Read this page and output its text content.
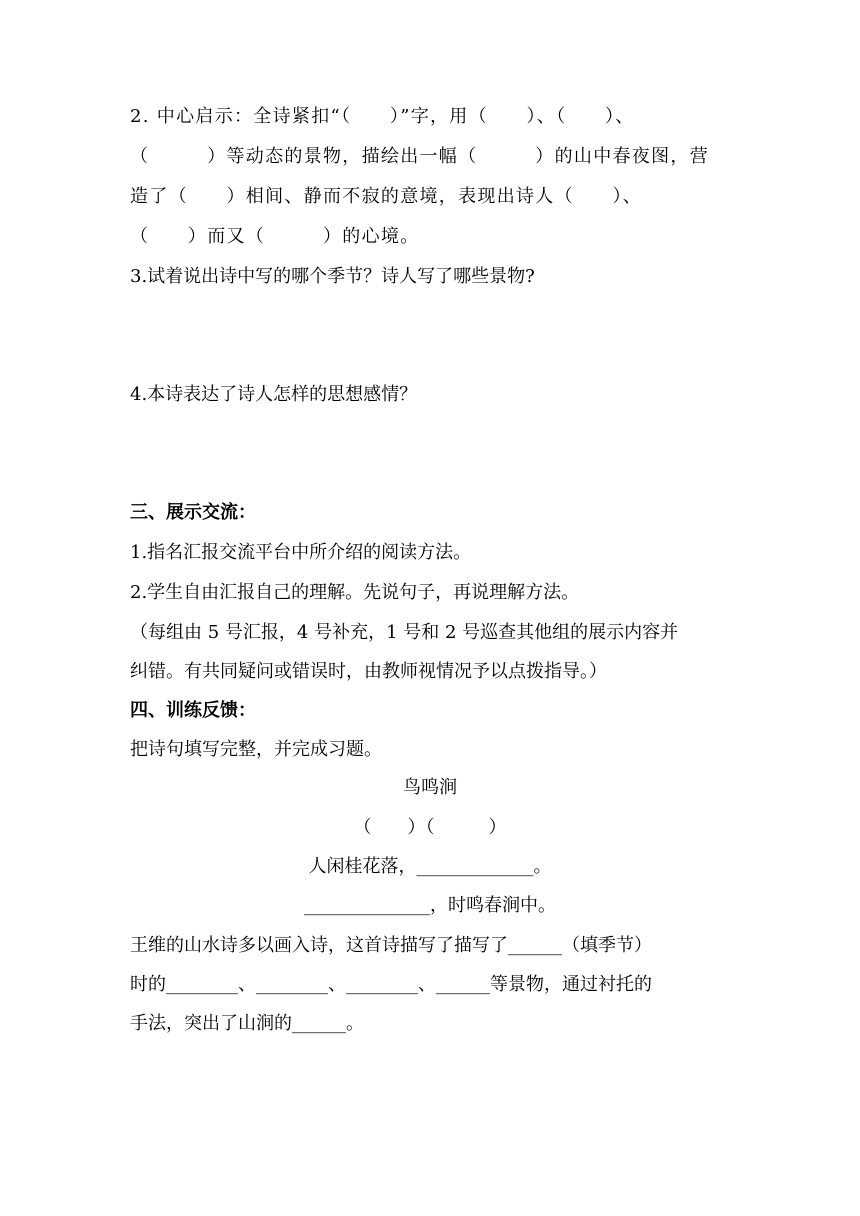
2. 中心启示：全诗紧扣“（　　）”字，用（　　）、（　　）、
（　　　）等动态的景物，描绘出一幅（　　　）的山中春夜图，营
造了（　　）相间、静而不寂的意境，表现出诗人（　　）、
（　　）而又（　　　）的心境。
3.试着说出诗中写的哪个季节？诗人写了哪些景物?
4.本诗表达了诗人怎样的思想感情？
三、展示交流：
1.指名汇报交流平台中所介绍的阅读方法。
2.学生自由汇报自己的理解。先说句子，再说理解方法。
（每组由 5 号汇报，4 号补充，1 号和 2 号巡查其他组的展示内容并
纠错。有共同疑问或错误时，由教师视情况予以点拨指导。）
四、训练反馈：
把诗句填写完整，并完成习题。
鸟鸣涧
（　　）（　　　）
人闲桂花落，_____________。
______________，时鸣春涧中。
王维的山水诗多以画入诗，这首诗描写了描写了______（填季节）
时的________、________、________、______等景物，通过衬托的
手法，突出了山涧的______。
